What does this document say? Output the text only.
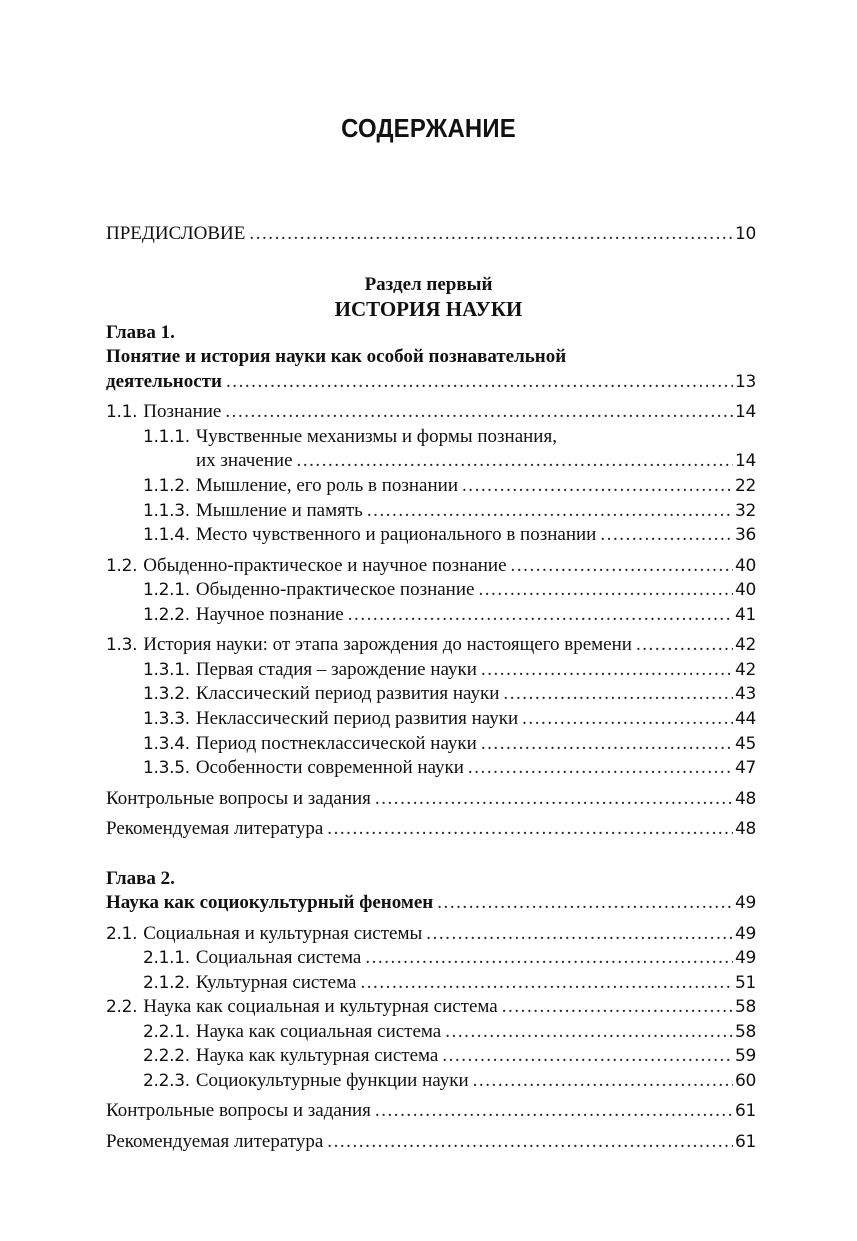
СОДЕРЖАНИЕ
ПРЕДИСЛОВИЕ . . .	10
Раздел первый
ИСТОРИЯ НАУКИ
Глава 1.
Понятие и история науки как особой познавательной
деятельности . . .	13
1.1. Познание . . .	14
1.1.1. Чувственные механизмы и формы познания,
их значение . . .	14
1.1.2. Мышление, его роль в познании . . .	22
1.1.3. Мышление и память . . .	32
1.1.4. Место чувственного и рационального в познании . . .	36
1.2. Обыденно-практическое и научное познание . . .	40
1.2.1. Обыденно-практическое познание . . .	40
1.2.2. Научное познание . . .	41
1.3. История науки: от этапа зарождения до настоящего времени . . .	42
1.3.1. Первая стадия – зарождение науки . . .	42
1.3.2. Классический период развития науки . . .	43
1.3.3. Неклассический период развития науки . . .	44
1.3.4. Период постнеклассической науки . . .	45
1.3.5. Особенности современной науки . . .	47
Контрольные вопросы и задания . . .	48
Рекомендуемая литература . . .	48
Глава 2.
Наука как социокультурный феномен . . .	49
2.1. Социальная и культурная системы . . .	49
2.1.1. Социальная система . . .	49
2.1.2. Культурная система . . .	51
2.2. Наука как социальная и культурная система . . .	58
2.2.1. Наука как социальная система . . .	58
2.2.2. Наука как культурная система . . .	59
2.2.3. Социокультурные функции науки . . .	60
Контрольные вопросы и задания . . .	61
Рекомендуемая литература . . .	61
